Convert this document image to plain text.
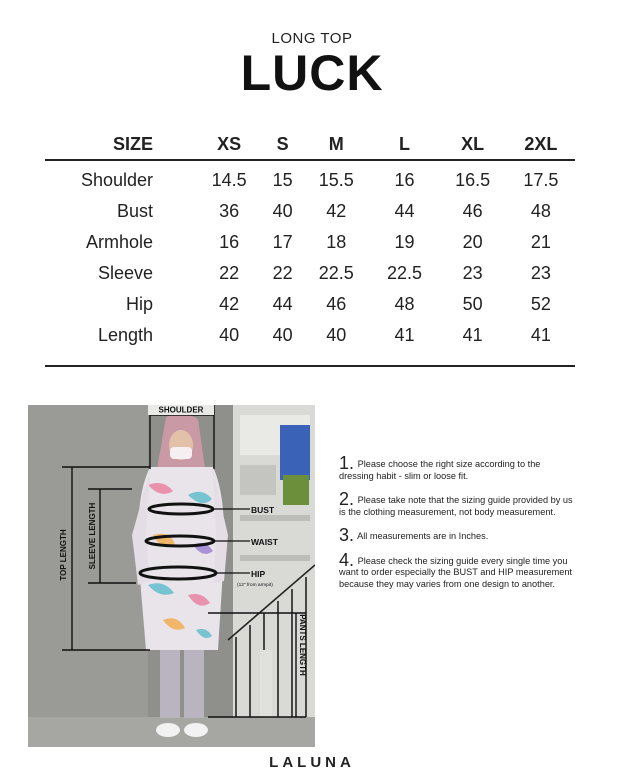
LONG TOP
LUCK
SIZE	XS	S	M	L	XL	2XL
Shoulder	14.5	15	15.5	16	16.5	17.5
Bust	36	40	42	44	46	48
Armhole	16	17	18	19	20	21
Sleeve	22	22	22.5	22.5	23	23
Hip	42	44	46	48	50	52
Length	40	40	40	41	41	41
SHOULDER
TOP LENGTH	SLEEVE LENGTH	BUST
WAIST
HIP
(12" from armpit)
PANTS LENGTH
1. Please choose the right size according to the dressing habit - slim or loose fit.
2. Please take note that the sizing guide provided by us is the clothing measurement, not body measurement.
3. All measurements are in Inches.
4. Please check the sizing guide every single time you want to order especially the BUST and HIP measurement because they may varies from one design to another.
LALUNA
